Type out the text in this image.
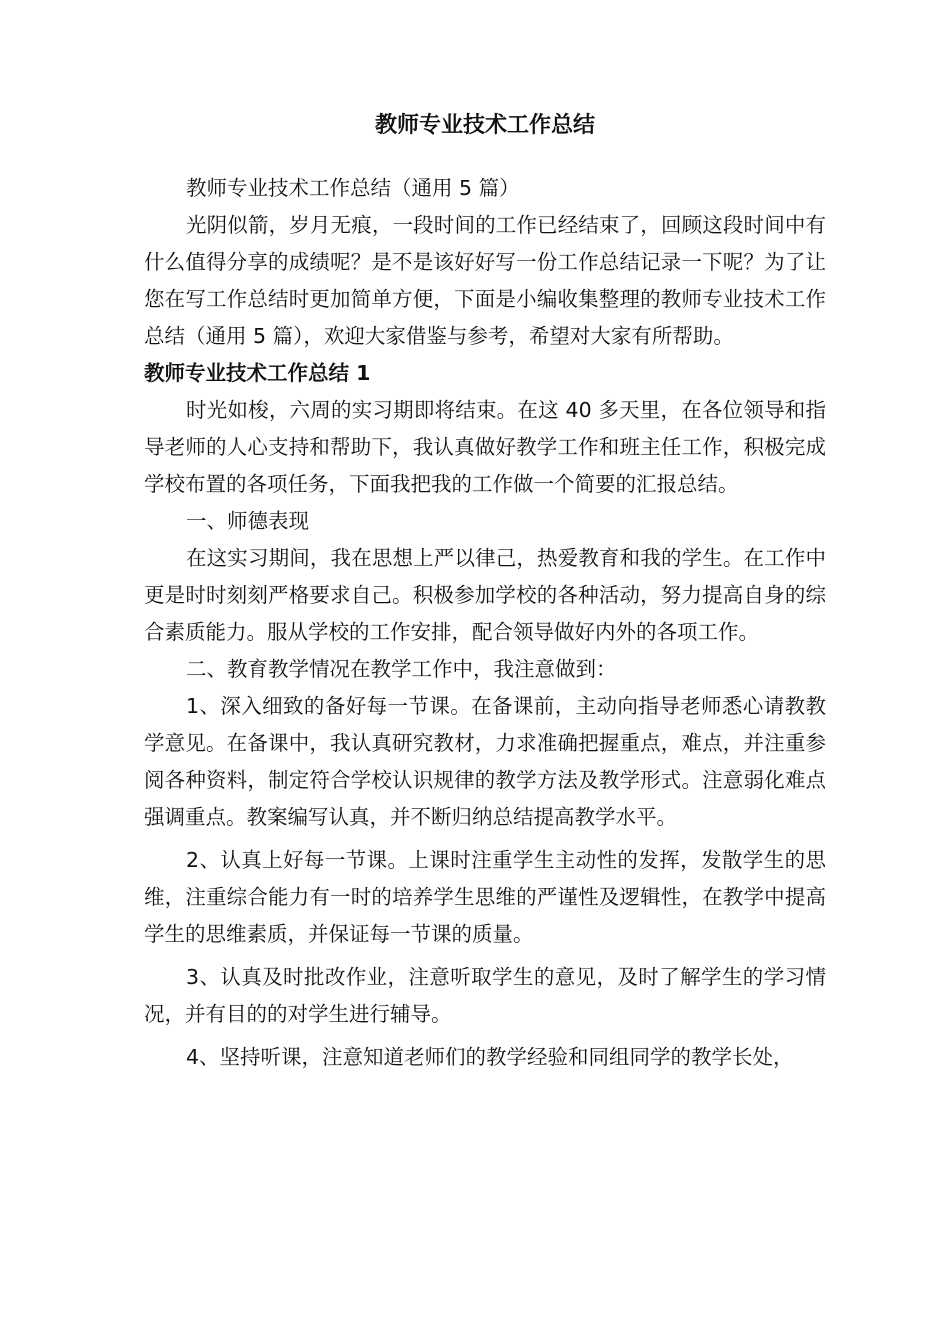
教师专业技术工作总结

教师专业技术工作总结（通用 5 篇）

光阴似箭，岁月无痕，一段时间的工作已经结束了，回顾这段时间中有什么值得分享的成绩呢？是不是该好好写一份工作总结记录一下呢？为了让您在写工作总结时更加简单方便，下面是小编收集整理的教师专业技术工作总结（通用 5 篇），欢迎大家借鉴与参考，希望对大家有所帮助。

教师专业技术工作总结 1

时光如梭，六周的实习期即将结束。在这 40 多天里，在各位领导和指导老师的人心支持和帮助下，我认真做好教学工作和班主任工作，积极完成学校布置的各项任务，下面我把我的工作做一个简要的汇报总结。

一、师德表现

在这实习期间，我在思想上严以律己，热爱教育和我的学生。在工作中更是时时刻刻严格要求自己。积极参加学校的各种活动，努力提高自身的综合素质能力。服从学校的工作安排，配合领导做好内外的各项工作。

二、教育教学情况在教学工作中，我注意做到：

1、深入细致的备好每一节课。在备课前，主动向指导老师悉心请教教学意见。在备课中，我认真研究教材，力求准确把握重点，难点，并注重参阅各种资料，制定符合学校认识规律的教学方法及教学形式。注意弱化难点强调重点。教案编写认真，并不断归纳总结提高教学水平。

2、认真上好每一节课。上课时注重学生主动性的发挥，发散学生的思维，注重综合能力有一时的培养学生思维的严谨性及逻辑性，在教学中提高学生的思维素质，并保证每一节课的质量。

3、认真及时批改作业，注意听取学生的意见，及时了解学生的学习情况，并有目的的对学生进行辅导。

4、坚持听课，注意知道老师们的教学经验和同组同学的教学长处，
